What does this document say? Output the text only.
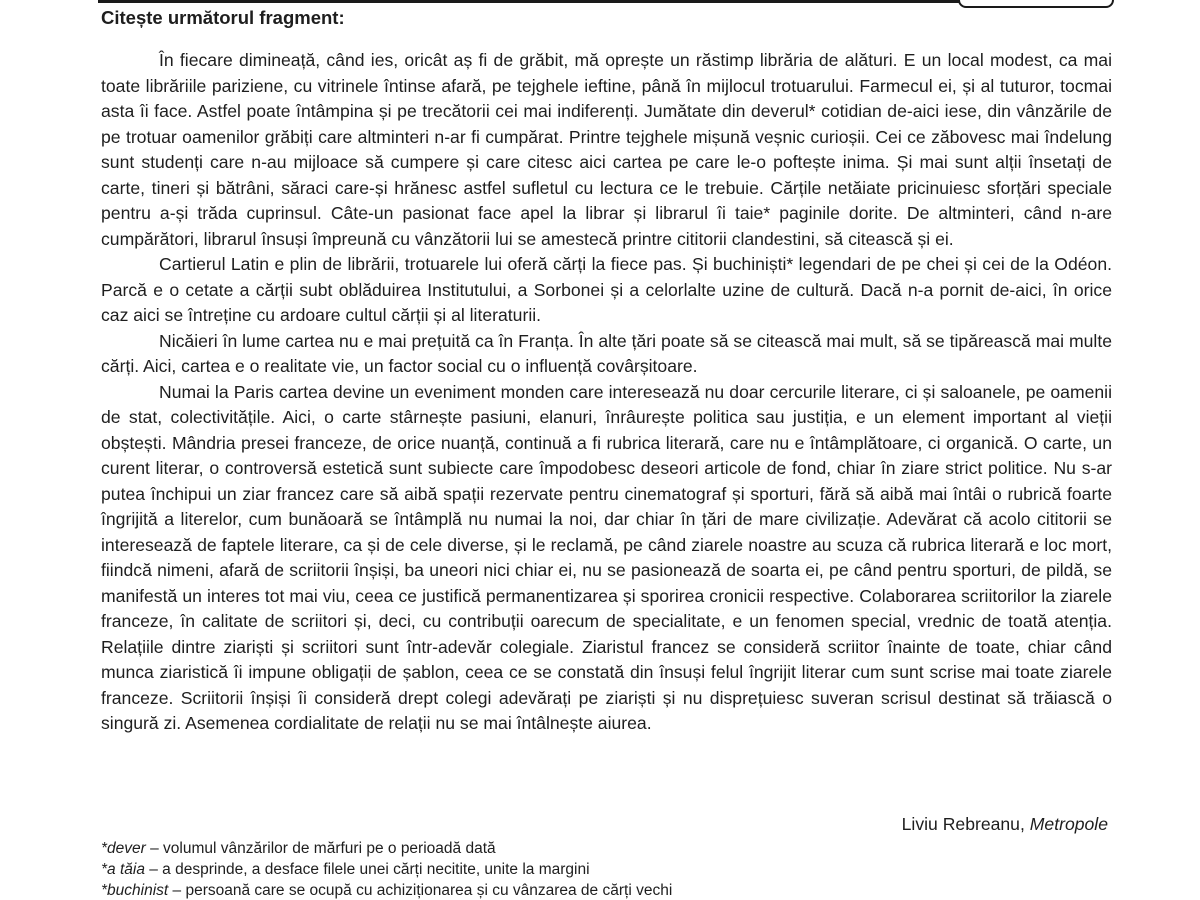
Citește următorul fragment:

În fiecare dimineață, când ies, oricât aș fi de grăbit, mă oprește un răstimp librăria de alături. E un local modest, ca mai toate librăriile pariziene, cu vitrinele întinse afară, pe tejghele ieftine, până în mijlocul trotuarului. Farmecul ei, și al tuturor, tocmai asta îi face. Astfel poate întâmpina și pe trecătorii cei mai indiferenți. Jumătate din deverul* cotidian de-aici iese, din vânzările de pe trotuar oamenilor grăbiți care altminteri n-ar fi cumpărat. Printre tejghele mișună veșnic curioșii. Cei ce zăbovesc mai îndelung sunt studenți care n-au mijloace să cumpere și care citesc aici cartea pe care le-o poftește inima. Și mai sunt alții însetați de carte, tineri și bătrâni, săraci care-și hrănesc astfel sufletul cu lectura ce le trebuie. Cărțile netăiate pricinuiesc sforțări speciale pentru a-și trăda cuprinsul. Câte-un pasionat face apel la librar și librarul îi taie* paginile dorite. De altminteri, când n-are cumpărători, librarul însuși împreună cu vânzătorii lui se amestecă printre cititorii clandestini, să citească și ei.

Cartierul Latin e plin de librării, trotuarele lui oferă cărți la fiece pas. Și buchiniști* legendari de pe chei și cei de la Odéon. Parcă e o cetate a cărții subt oblăduirea Institutului, a Sorbonei și a celorlalte uzine de cultură. Dacă n-a pornit de-aici, în orice caz aici se întreține cu ardoare cultul cărții și al literaturii.

Nicăieri în lume cartea nu e mai prețuită ca în Franța. În alte țări poate să se citească mai mult, să se tipărească mai multe cărți. Aici, cartea e o realitate vie, un factor social cu o influență covârșitoare.

Numai la Paris cartea devine un eveniment monden care interesează nu doar cercurile literare, ci și saloanele, pe oamenii de stat, colectivitățile. Aici, o carte stârnește pasiuni, elanuri, înrâurește politica sau justiția, e un element important al vieții obștești. Mândria presei franceze, de orice nuanță, continuă a fi rubrica literară, care nu e întâmplătoare, ci organică. O carte, un curent literar, o controversă estetică sunt subiecte care împodobesc deseori articole de fond, chiar în ziare strict politice. Nu s-ar putea închipui un ziar francez care să aibă spații rezervate pentru cinematograf și sporturi, fără să aibă mai întâi o rubrică foarte îngrijită a literelor, cum bunăoară se întâmplă nu numai la noi, dar chiar în țări de mare civilizație. Adevărat că acolo cititorii se interesează de faptele literare, ca și de cele diverse, și le reclamă, pe când ziarele noastre au scuza că rubrica literară e loc mort, fiindcă nimeni, afară de scriitorii înșiși, ba uneori nici chiar ei, nu se pasionează de soarta ei, pe când pentru sporturi, de pildă, se manifestă un interes tot mai viu, ceea ce justifică permanentizarea și sporirea cronicii respective. Colaborarea scriitorilor la ziarele franceze, în calitate de scriitori și, deci, cu contribuții oarecum de specialitate, e un fenomen special, vrednic de toată atenția. Relațiile dintre ziariști și scriitori sunt într-adevăr colegiale. Ziaristul francez se consideră scriitor înainte de toate, chiar când munca ziaristică îi impune obligații de șablon, ceea ce se constată din însuși felul îngrijit literar cum sunt scrise mai toate ziarele franceze. Scriitorii înșiși îi consideră drept colegi adevărați pe ziariști și nu disprețuiesc suveran scrisul destinat să trăiască o singură zi. Asemenea cordialitate de relații nu se mai întâlnește aiurea.

Liviu Rebreanu, Metropole

*dever – volumul vânzărilor de mărfuri pe o perioadă dată

*a tăia – a desprinde, a desface filele unei cărți necitite, unite la margini

*buchinist – persoană care se ocupă cu achiziționarea și cu vânzarea de cărți vechi
